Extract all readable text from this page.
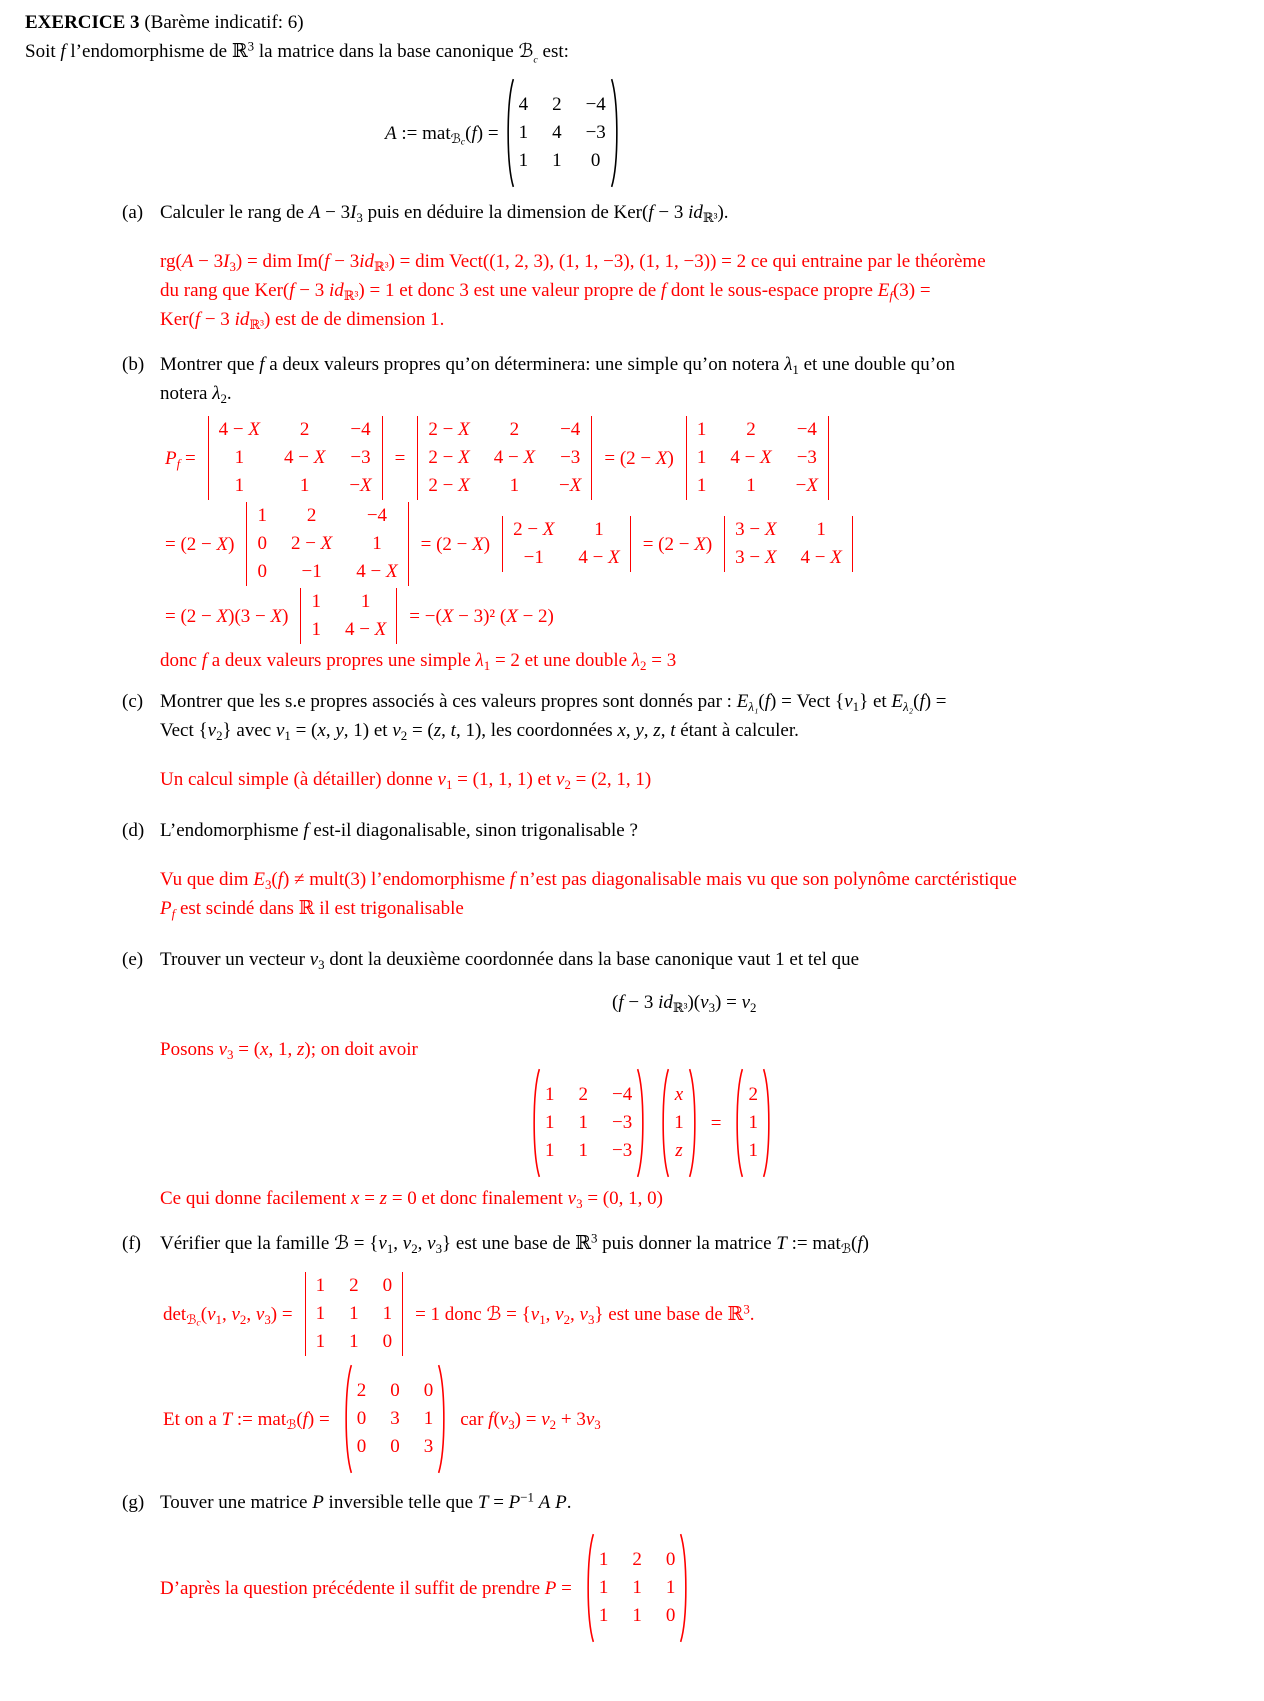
EXERCICE 3 (Barème indicatif: 6)
Soit f l’endomorphisme de ℝ$^3$ la matrice dans la base canonique ℬ$_c$ est:
A := mat$_{ℬc}$(f) =
4 2 −4
1 4 −3
1 1 0
(a) Calculer le rang de $A - 3I_3$ puis en déduire la dimension de Ker(f − 3 $id_{ℝ^3}$).
$rg(A - 3I_3)$ = dim $Im(f - 3id_{ℝ^3})$ = dim Vect((1, 2, 3), (1, 1, −3), (1, 1, −3)) = 2 ce qui entraine par le théorème
du rang que Ker(f − 3 $id_{ℝ^3}) = 1$ et donc 3 est une valeur propre de f dont le sous-espace propre $E_f(3)$ =
Ker(f − 3 $id_{ℝ^3}$) est de de dimension 1.
(b) Montrer que f a deux valeurs propres qu’on déterminera: une simple qu’on notera $\lambda_1$ et une double qu’on
notera $\lambda_2$.
$P_f$ =
4 − X 2 −4
1 4 − X −3
1	1 −X
=
2 − X 2 −4
2 − X 4 − X −3
2 − X 1 −X
= (2 − X)
1 2 −4
1 4 − X −3
1 1 −X
= (2 − X)
1 2	−4
0 2 − X 1
0 −1 4 − X
= (2 − X)
2 − X 1
−1 4 − X
= (2 − X)
3 − X 1
3 − X 4 − X
= (2 − X)(3 − X)
1 1
1 4 − X
= −(X − 3)² (X − 2)
donc f a deux valeurs propres une simple $\lambda_1 = 2$ et une double $\lambda_2 = 3$
(c) Montrer que les s.e propres associés à ces valeurs propres sont donnés par : $E_{\lambda_1}(f)$ = Vect $\{v_1\}$ et $E_{\lambda_2}(f)$ =
Vect $\{v_2\}$ avec $v_1 = (x$, y, 1) et $v_2 = (z$, t, 1), les coordonnées x, y, z, t étant à calculer.
Un calcul simple (à détailler) donne $v_1 = (1$, 1, 1) et $v_2 = (2$, 1, 1)
(d) L’endomorphisme f est-il diagonalisable, sinon trigonalisable ?
Vu que dim $E_3(f)$ ≠ mult(3) l’endomorphisme f n’est pas diagonalisable mais vu que son polynôme carctéristique
$P_f$ est scindé dans ℝ il est trigonalisable
(e) Trouver un vecteur $v_3$ dont la deuxième coordonnée dans la base canonique vaut 1 et tel que
(f − 3 $id_{ℝ^3})(v_3) = v_2$
Posons $v_3 = (x$, 1, z); on doit avoir
1 2 −4
1 1 −3
1 1 −3
x
1
z
=
2
1
1
Ce qui donne facilement x = z = 0 et donc finalement $v_3 = (0$, 1, 0)
(f)	Vérifier que la famille ℬ = {$v_1$, $v_2$, $v_3$} est une base de ℝ$^3$ puis donner la matrice T := mat$_ℬ$(f)
$\det_{ℬc}(v_1$, $v_2$, $v_3$) =
1 2 0
1 1 1
1 1 0
= 1 donc ℬ = {$v_1$, $v_2$, $v_3$} est une base de ℝ$^3$.
Et on a T := mat$_ℬ$(f) =
2 0 0
0 3 1
0 0 3
car $f(v_3) = v_2 + 3v_3$
(g) Touver une matrice P inversible telle que $T = P^{-1}$ A P.
D’après la question précédente il suffit de prendre P =
1 2 0
1 1 1
1 1 0
